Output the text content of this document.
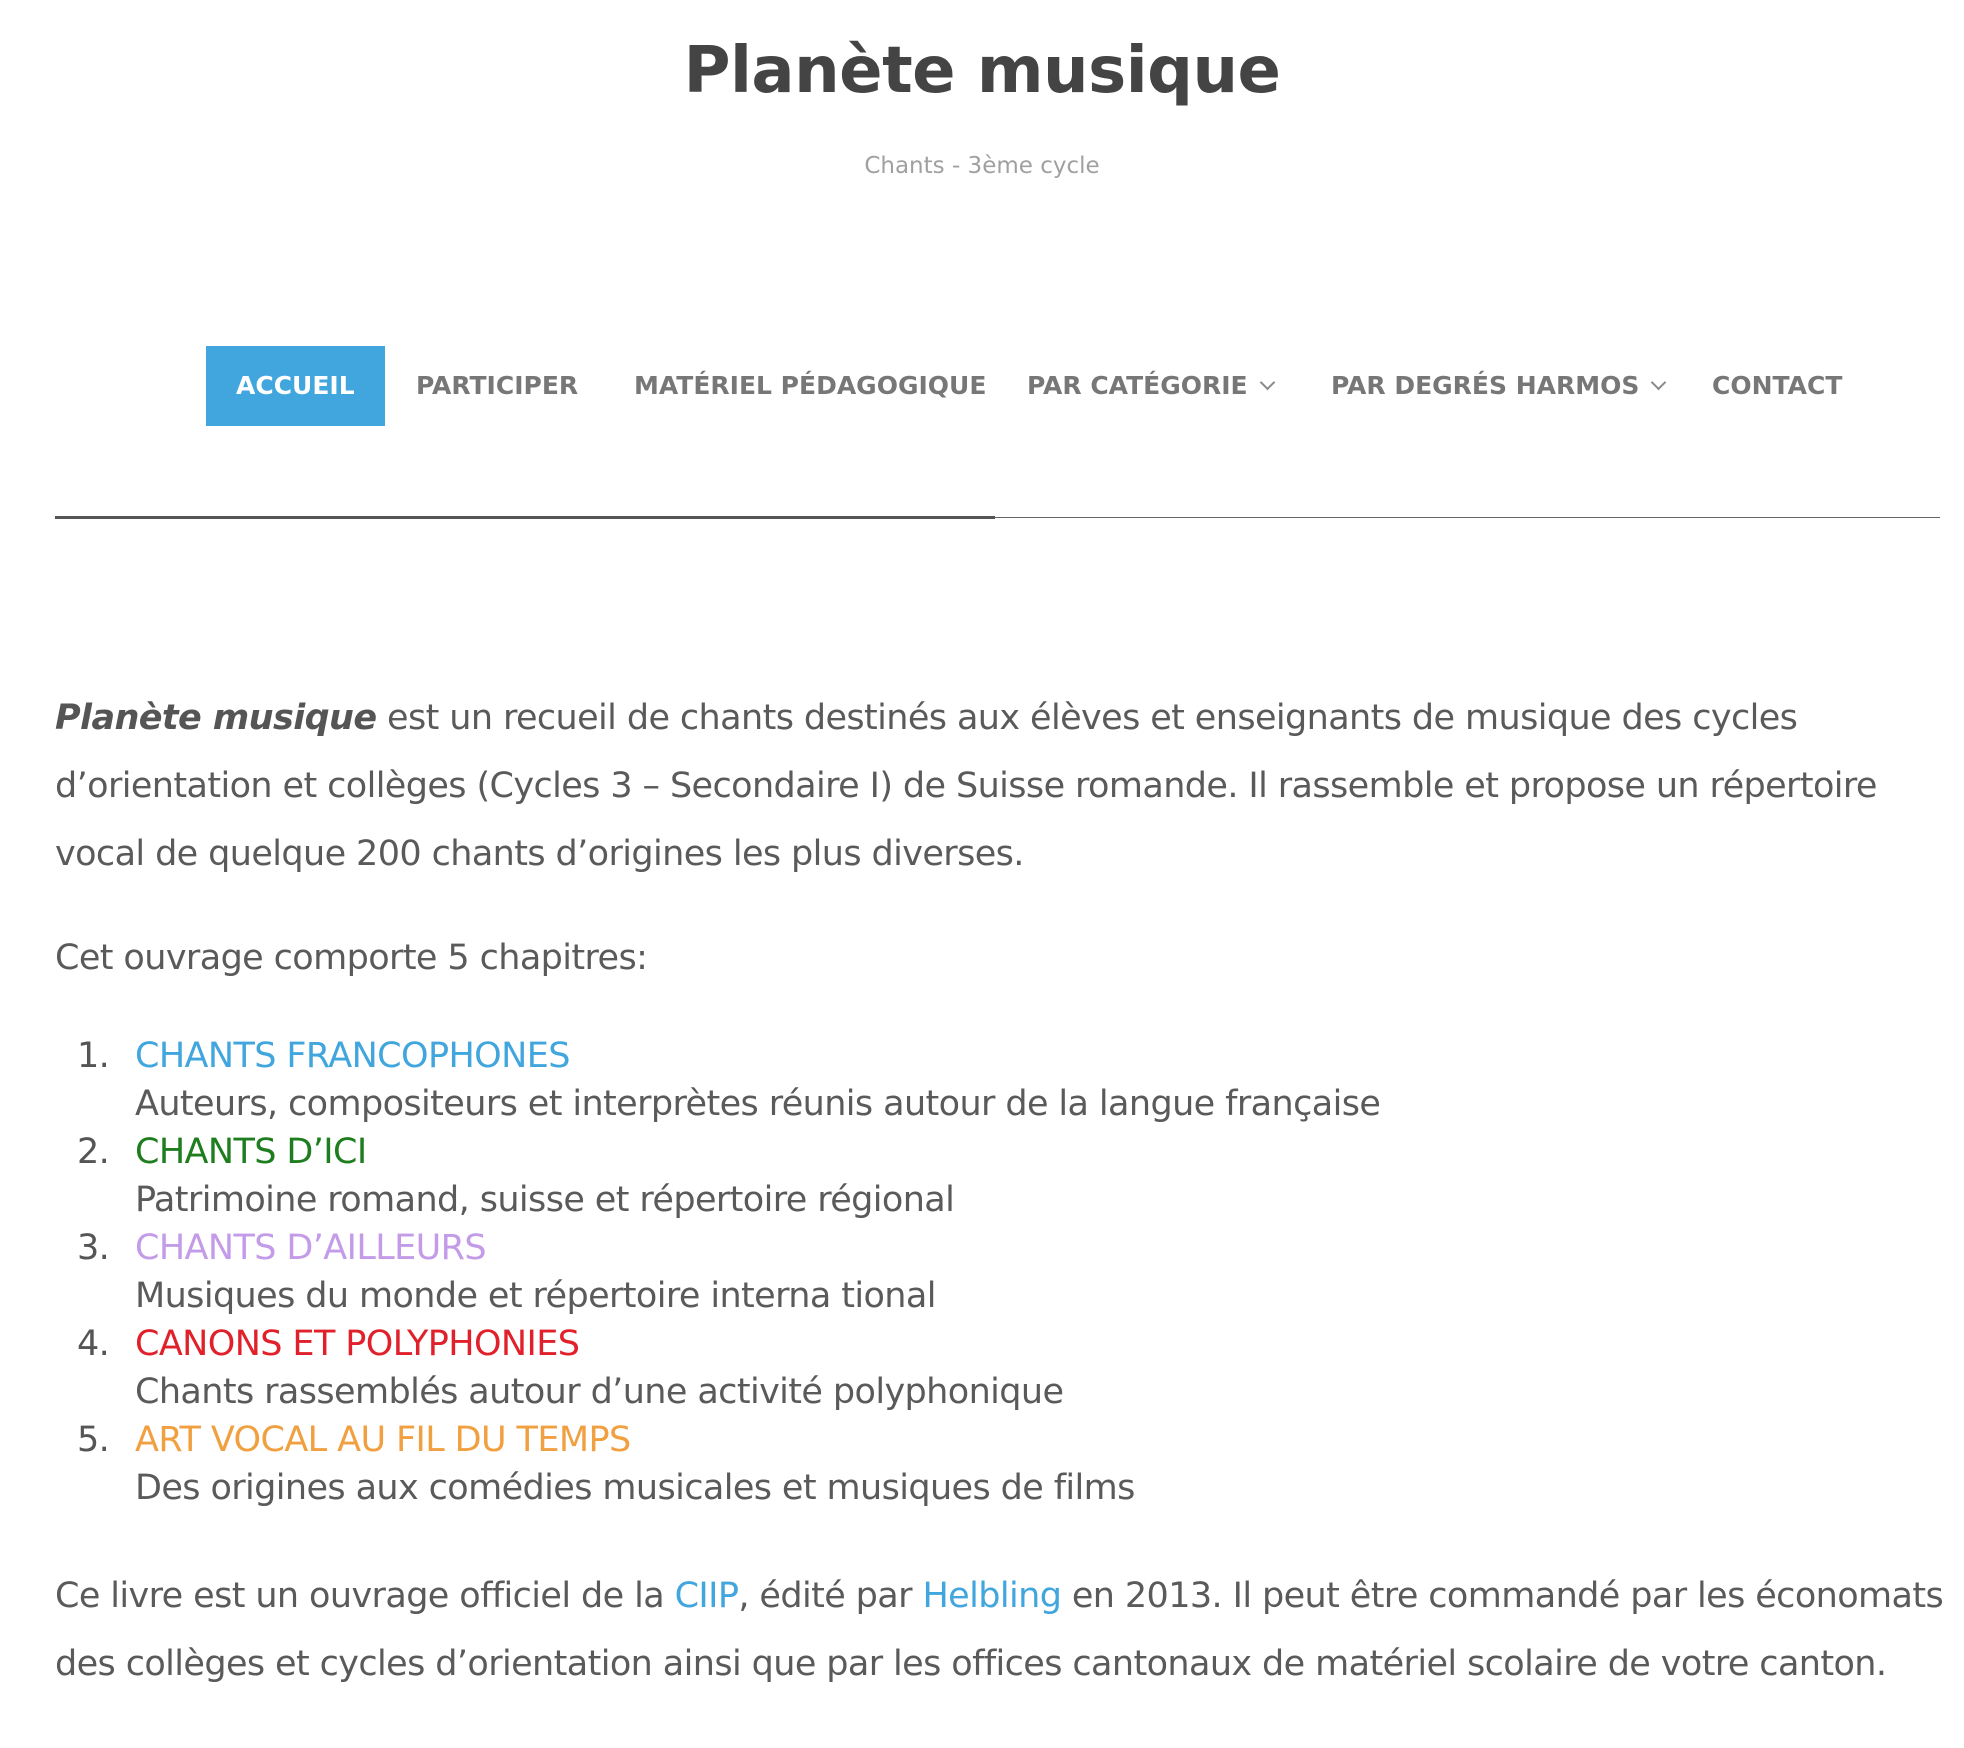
Planète musique
Chants - 3ème cycle
ACCUEIL	PARTICIPER MATÉRIEL PÉDAGOGIQUE PAR CATÉGORIE	PAR DEGRÉS HARMOS	CONTACT

Planète musique est un recueil de chants destinés aux élèves et enseignants de musique des cycles d’orientation et collèges (Cycles 3 – Secondaire I) de Suisse romande. Il rassemble et propose un répertoire vocal de quelque 200 chants d’origines les plus diverses.

Cet ouvrage comporte 5 chapitres:

1. CHANTS FRANCOPHONES
Auteurs, compositeurs et interprètes réunis autour de la langue française
2. CHANTS D’ICI
Patrimoine romand, suisse et répertoire régional
3. CHANTS D’AILLEURS
Musiques du monde et répertoire interna tional
4. CANONS ET POLYPHONIES
Chants rassemblés autour d’une activité polyphonique
5. ART VOCAL AU FIL DU TEMPS
Des origines aux comédies musicales et musiques de films

Ce livre est un ouvrage officiel de la CIIP, édité par Helbling en 2013. Il peut être commandé par les économats des collèges et cycles d’orientation ainsi que par les offices cantonaux de matériel scolaire de votre canton.
